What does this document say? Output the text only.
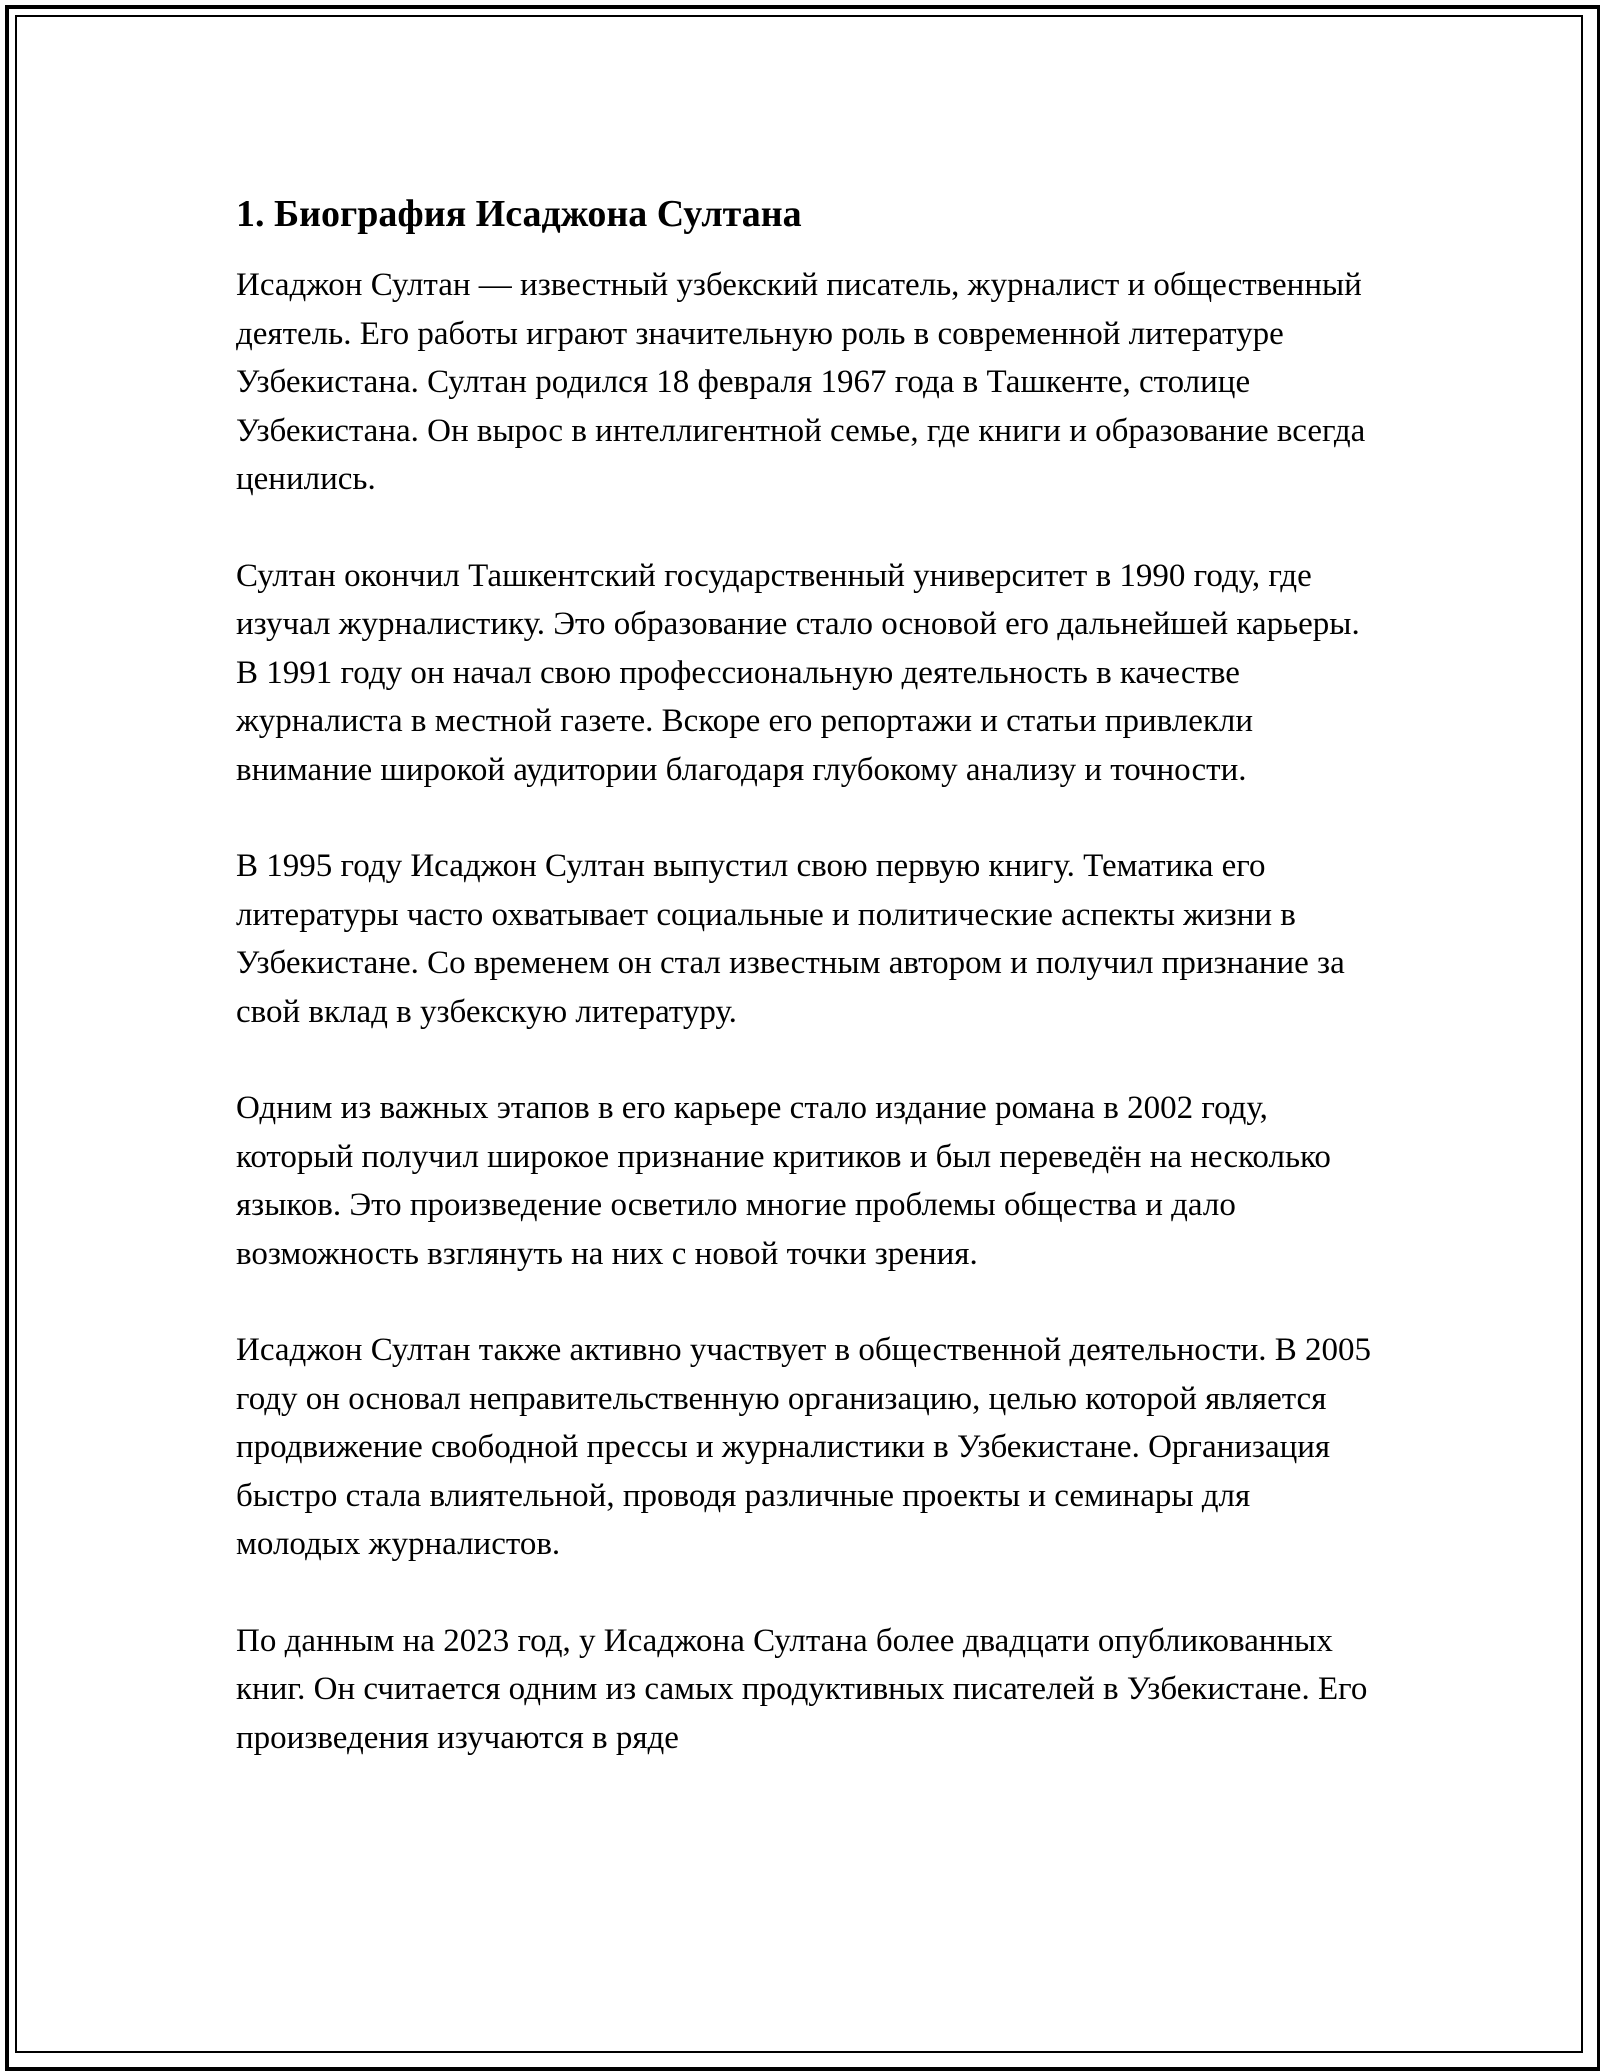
1. Биография Исаджона Султана

Исаджон Султан — известный узбекский писатель, журналист и общественный деятель. Его работы играют значительную роль в современной литературе Узбекистана. Султан родился 18 февраля 1967 года в Ташкенте, столице Узбекистана. Он вырос в интеллигентной семье, где книги и образование всегда ценились.

Султан окончил Ташкентский государственный университет в 1990 году, где изучал журналистику. Это образование стало основой его дальнейшей карьеры. В 1991 году он начал свою профессиональную деятельность в качестве журналиста в местной газете. Вскоре его репортажи и статьи привлекли внимание широкой аудитории благодаря глубокому анализу и точности.

В 1995 году Исаджон Султан выпустил свою первую книгу. Тематика его литературы часто охватывает социальные и политические аспекты жизни в Узбекистане. Со временем он стал известным автором и получил признание за свой вклад в узбекскую литературу.

Одним из важных этапов в его карьере стало издание романа в 2002 году, который получил широкое признание критиков и был переведён на несколько языков. Это произведение осветило многие проблемы общества и дало возможность взглянуть на них с новой точки зрения.

Исаджон Султан также активно участвует в общественной деятельности. В 2005 году он основал неправительственную организацию, целью которой является продвижение свободной прессы и журналистики в Узбекистане. Организация быстро стала влиятельной, проводя различные проекты и семинары для молодых журналистов.

По данным на 2023 год, у Исаджона Султана более двадцати опубликованных книг. Он считается одним из самых продуктивных писателей в Узбекистане. Его произведения изучаются в ряде
